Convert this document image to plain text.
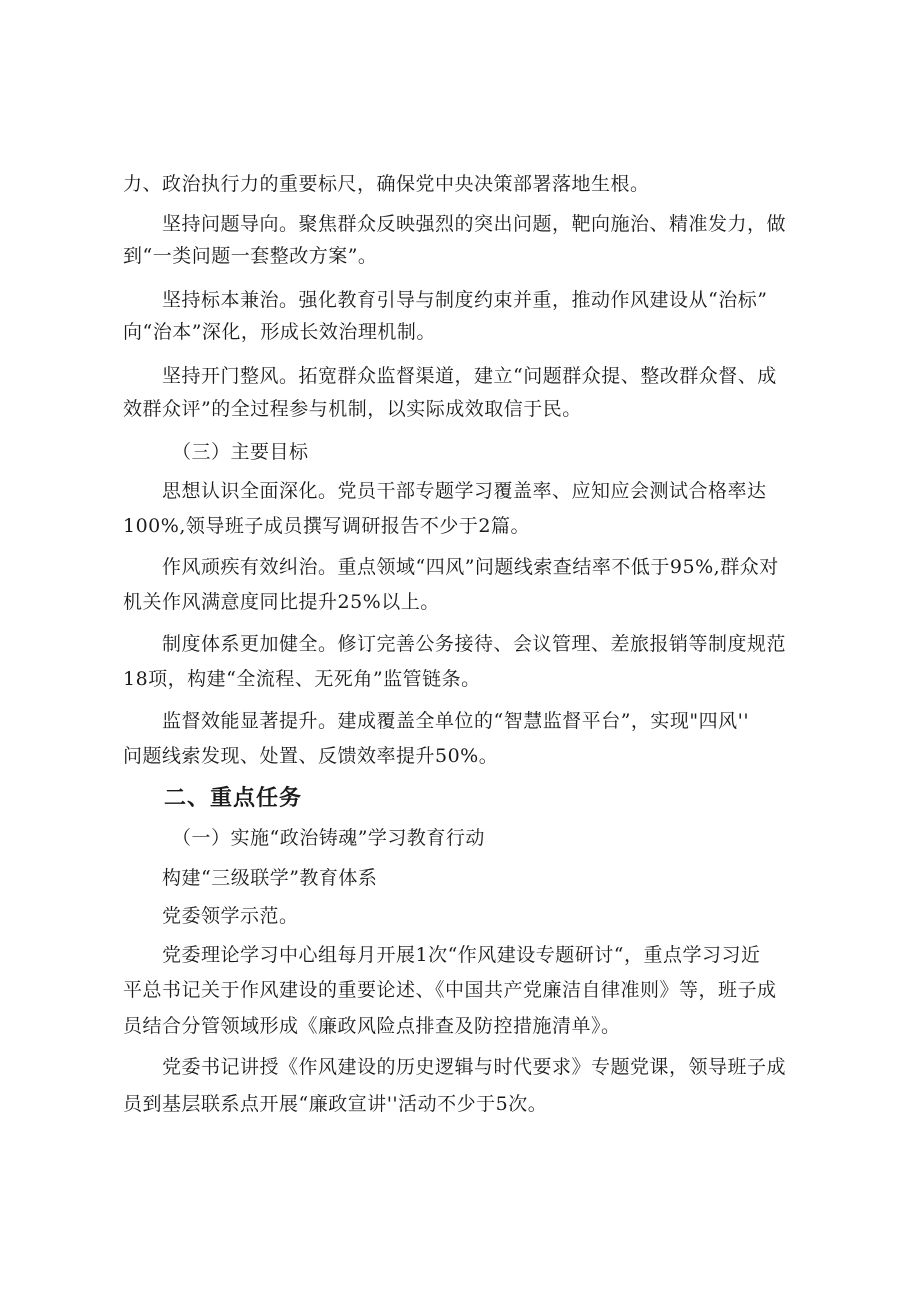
力、政治执行力的重要标尺，确保党中央决策部署落地生根。
　　坚持问题导向。聚焦群众反映强烈的突出问题，靶向施治、精准发力，做
到“一类问题一套整改方案”。
　　坚持标本兼治。强化教育引导与制度约束并重，推动作风建设从“治标”
向“治本”深化，形成长效治理机制。
　　坚持开门整风。拓宽群众监督渠道，建立“问题群众提、整改群众督、成
效群众评”的全过程参与机制，以实际成效取信于民。
　　　（三）主要目标
　　思想认识全面深化。党员干部专题学习覆盖率、应知应会测试合格率达
100%,领导班子成员撰写调研报告不少于2篇。
　　作风顽疾有效纠治。重点领域“四风”问题线索查结率不低于95%,群众对
机关作风满意度同比提升25%以上。
　　制度体系更加健全。修订完善公务接待、会议管理、差旅报销等制度规范
18项，构建“全流程、无死角”监管链条。
　　监督效能显著提升。建成覆盖全单位的“智慧监督平台”，实现"四风''
问题线索发现、处置、反馈效率提升50%。
二、重点任务
　　　（一）实施“政治铸魂”学习教育行动
　　构建“三级联学”教育体系
　　党委领学示范。
　　党委理论学习中心组每月开展1次“作风建设专题研讨“，重点学习习近
平总书记关于作风建设的重要论述、《中国共产党廉洁自律准则》等，班子成
员结合分管领域形成《廉政风险点排查及防控措施清单》。
　　党委书记讲授《作风建设的历史逻辑与时代要求》专题党课，领导班子成
员到基层联系点开展“廉政宣讲''活动不少于5次。
